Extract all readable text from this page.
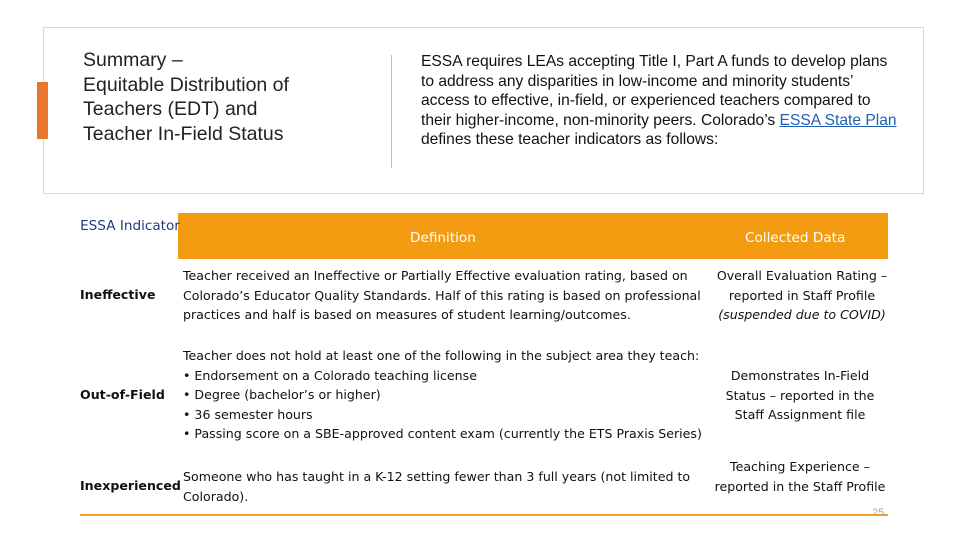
Summary –
Equitable Distribution of
Teachers (EDT) and
Teacher In-Field Status
ESSA requires LEAs accepting Title I, Part A funds to develop plans to address any disparities in low-income and minority students’ access to effective, in-field, or experienced teachers compared to their higher-income, non-minority peers. Colorado’s ESSA State Plan defines these teacher indicators as follows:
ESSA Indicator
Definition	Collected Data
Ineffective
Teacher received an Ineffective or Partially Effective evaluation rating, based on Colorado’s Educator Quality Standards. Half of this rating is based on professional practices and half is based on measures of student learning/outcomes.
Overall Evaluation Rating – reported in Staff Profile (suspended due to COVID)
Out-of-Field
Teacher does not hold at least one of the following in the subject area they teach:
• Endorsement on a Colorado teaching license
• Degree (bachelor’s or higher)
• 36 semester hours
• Passing score on a SBE-approved content exam (currently the ETS Praxis Series)
Demonstrates In-Field Status – reported in the Staff Assignment file
Inexperienced
Someone who has taught in a K-12 setting fewer than 3 full years (not limited to Colorado).
Teaching Experience – reported in the Staff Profile
25
